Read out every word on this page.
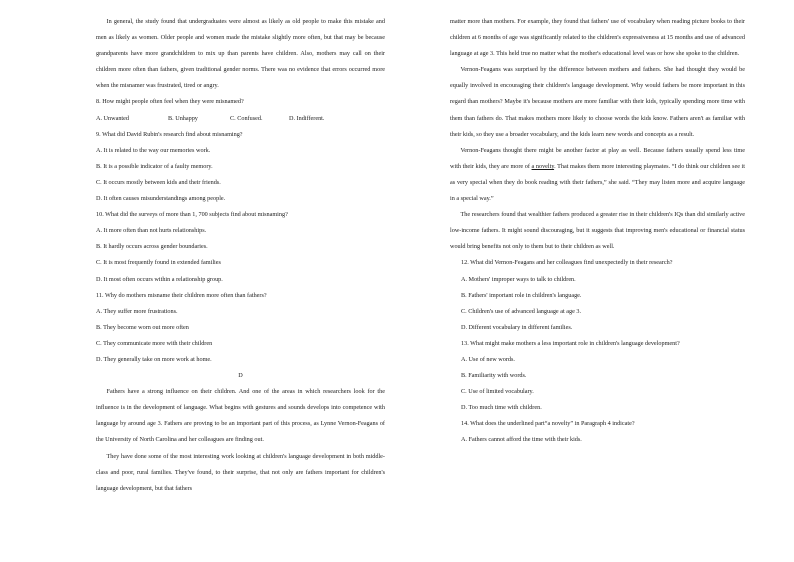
In general, the study found that undergraduates were almost as likely as old people to make this mistake and men as likely as women. Older people and women made the mistake slightly more often, but that may be because grandparents have more grandchildren to mix up than parents have children. Also, mothers may call on their children more often than fathers, given traditional gender norms. There was no evidence that errors occurred more when the misnamer was frustrated, tired or angry.

8. How might people often feel when they were misnamed?

A. Unwanted	B. Unhappy	C. Confused.	D. Indifferent.

9. What did David Rubin's research find about misnaming?

A. It is related to the way our memories work.

B. It is a possible indicator of a faulty memory.

C. It occurs mostly between kids and their friends.

D. It often causes misunderstandings among people.

10. What did the surveys of more than 1, 700 subjects find about misnaming?

A. It more often than not hurts relationships.

B. It hardly occurs across gender boundaries.

C. It is most frequently found in extended families

D. It most often occurs within a relationship group.

11. Why do mothers misname their children more often than fathers?

A. They suffer more frustrations.

B. They become worn out more often

C. They communicate more with their children

D. They generally take on more work at home.

D

Fathers have a strong influence on their children. And one of the areas in which researchers look for the influence is in the development of language. What begins with gestures and sounds develops into competence with language by around age 3. Fathers are proving to be an important part of this process, as Lynne Vernon-Feagans of the University of North Carolina and her colleagues are finding out.

They have done some of the most interesting work looking at children's language development in both middle-class and poor, rural families. They've found, to their surprise, that not only are fathers important for children's language development, but that fathers

matter more than mothers. For example, they found that fathers' use of vocabulary when reading picture books to their children at 6 months of age was significantly related to the children's expressiveness at 15 months and use of advanced language at age 3. This held true no matter what the mother's educational level was or how she spoke to the children.

Vernon-Feagans was surprised by the difference between mothers and fathers. She had thought they would be equally involved in encouraging their children's language development. Why would fathers be more important in this regard than mothers? Maybe it's because mothers are more familiar with their kids, typically spending more time with them than fathers do. That makes mothers more likely to choose words the kids know. Fathers aren't as familiar with their kids, so they use a broader vocabulary, and the kids learn new words and concepts as a result.

Vernon-Feagans thought there might be another factor at play as well. Because fathers usually spend less time with their kids, they are more of a novelty. That makes them more interesting playmates. “I do think our children see it as very special when they do book reading with their fathers,” she said. “They may listen more and acquire language in a special way.”

The researchers found that wealthier fathers produced a greater rise in their children's IQs than did similarly active low-income fathers. It might sound discouraging, but it suggests that improving men's educational or financial status would bring benefits not only to them but to their children as well.

12. What did Vernon-Feagans and her colleagues find unexpectedly in their research?

A. Mothers' improper ways to talk to children.

B. Fathers' important role in children's language.

C. Children's use of advanced language at age 3.

D. Different vocabulary in different families.

13. What might make mothers a less important role in children's language development?

A. Use of new words.

B. Familiarity with words.

C. Use of limited vocabulary.

D. Too much time with children.

14. What does the underlined part“a novelty” in Paragraph 4 indicate?

A. Fathers cannot afford the time with their kids.
